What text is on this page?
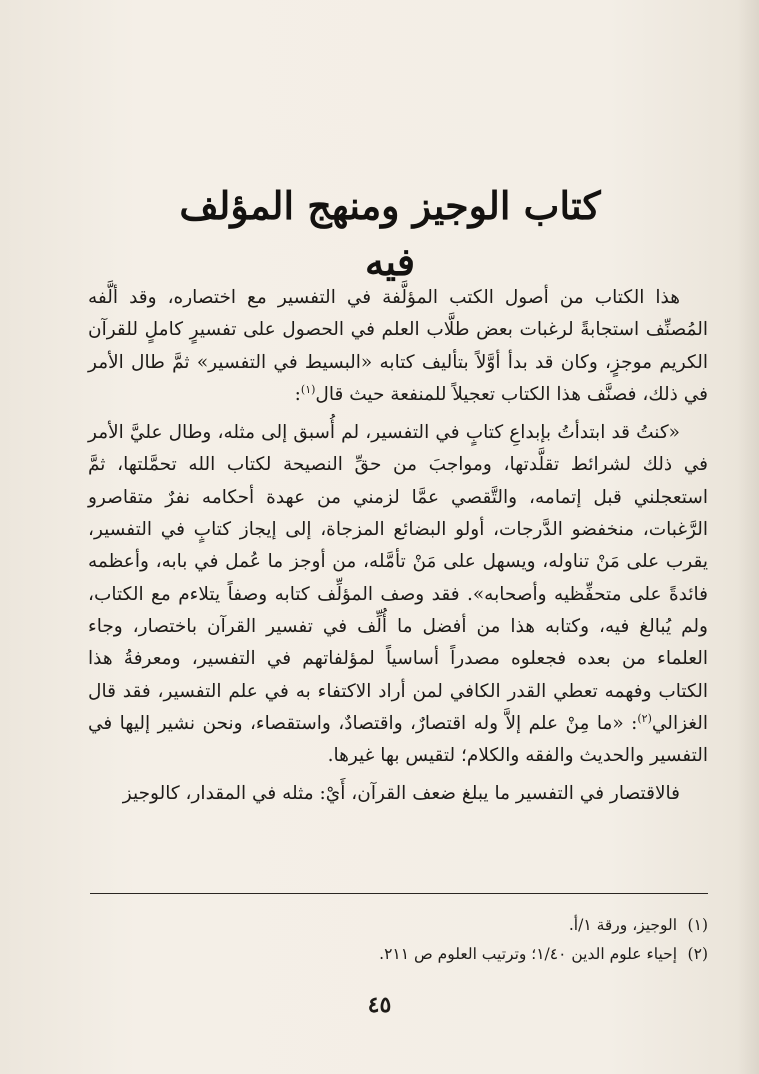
كتاب الوجيز ومنهج المؤلف فيه

هذا الكتاب من أصول الكتب المؤلَّفة في التفسير مع اختصاره، وقد ألَّفه المُصنِّف استجابةً لرغبات بعض طلَّاب العلم في الحصول على تفسيرٍ كاملٍ للقرآن الكريم موجزٍ، وكان قد بدأ أوَّلاً بتأليف كتابه «البسيط في التفسير» ثمَّ طال الأمر في ذلك، فصنَّف هذا الكتاب تعجيلاً للمنفعة حيث قال$^{(١)}$:

«كنتُ قد ابتدأتُ بإبداعِ كتابٍ في التفسير، لم أُسبق إلى مثله، وطال عليَّ الأمر في ذلك لشرائط تقلَّدتها، ومواجبَ من حقِّ النصيحة لكتاب الله تحمَّلتها، ثمَّ استعجلني قبل إتمامه، والتَّقصي عمَّا لزمني من عهدة أحكامه نفرٌ متقاصرو الرَّغبات، منخفضو الدَّرجات، أولو البضائع المزجاة، إلى إيجاز كتابٍ في التفسير، يقرب على مَنْ تناوله، ويسهل على مَنْ تأمَّله، من أوجز ما عُمل في بابه، وأعظمه فائدةً على متحفِّظيه وأصحابه». فقد وصف المؤلِّف كتابه وصفاً يتلاءم مع الكتاب، ولم يُبالغ فيه، وكتابه هذا من أفضل ما أُلِّف في تفسير القرآن باختصار، وجاء العلماء من بعده فجعلوه مصدراً أساسياً لمؤلفاتهم في التفسير، ومعرفةُ هذا الكتاب وفهمه تعطي القدر الكافي لمن أراد الاكتفاء به في علم التفسير، فقد قال الغزالي$^{(٢)}$: «ما مِنْ علم إلاَّ وله اقتصارٌ، واقتصادٌ، واستقصاء، ونحن نشير إليها في التفسير والحديث والفقه والكلام؛ لتقيس بها غيرها.

فالاقتصار في التفسير ما يبلغ ضعف القرآن، أَيْ: مثله في المقدار، كالوجيز

(١) الوجيز، ورقة ١/أ.
(٢) إحياء علوم الدين ١/٤٠؛ وترتيب العلوم ص ٢١١.
٤٥
